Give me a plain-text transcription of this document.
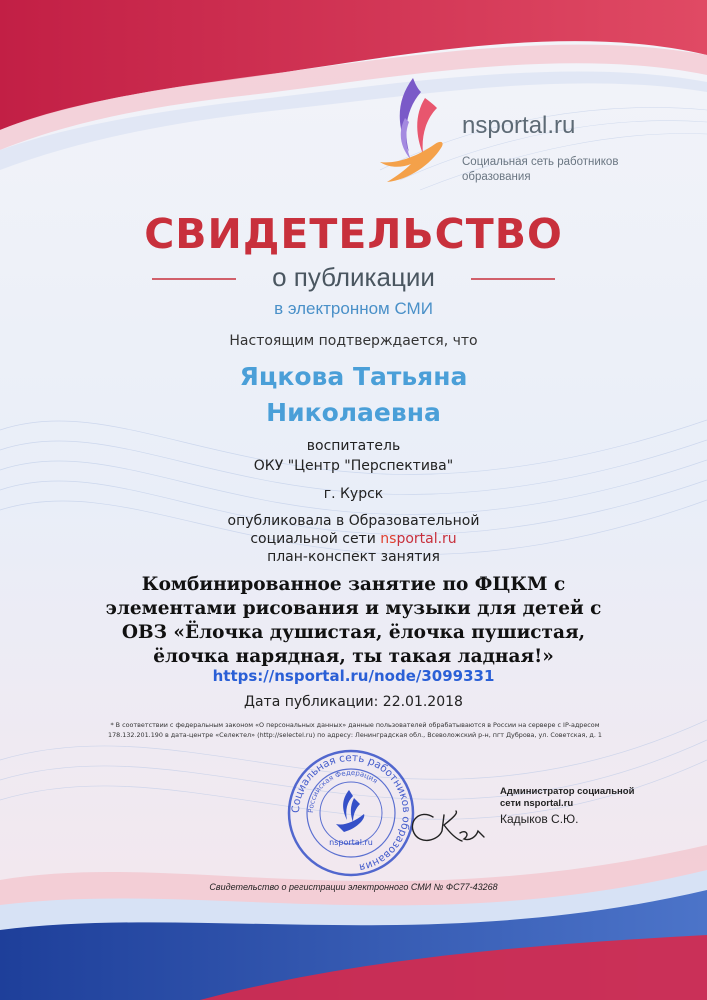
nsportal.ru
Социальная сеть работников
образования
СВИДЕТЕЛЬСТВО
о публикации
в электронном СМИ
Настоящим подтверждается, что
Яцкова Татьяна
Николаевна
воспитатель
ОКУ "Центр "Перспектива"
г. Курск
опубликовала в Образовательной
социальной сети nsportal.ru
план-конспект занятия
Комбинированное занятие по ФЦКМ с
элементами рисования и музыки для детей с
ОВЗ «Ёлочка душистая, ёлочка пушистая,
ёлочка нарядная, ты такая ладная!»
https://nsportal.ru/node/3099331
Дата публикации: 22.01.2018
* В соответствии с федеральным законом «О персональных данных» данные пользователей обрабатываются в России на сервере с IP-адресом
178.132.201.190 в дата-центре «Селектел» (http://selectel.ru) по адресу: Ленинградская обл., Всеволожский р-н, пгт Дуброва, ул. Советская, д. 1
Социальная сеть работников образования
Российская Федерация
nsportal.ru
Администратор социальной
сети nsportal.ru
Кадыков С.Ю.
Свидетельство о регистрации электронного СМИ № ФС77-43268
